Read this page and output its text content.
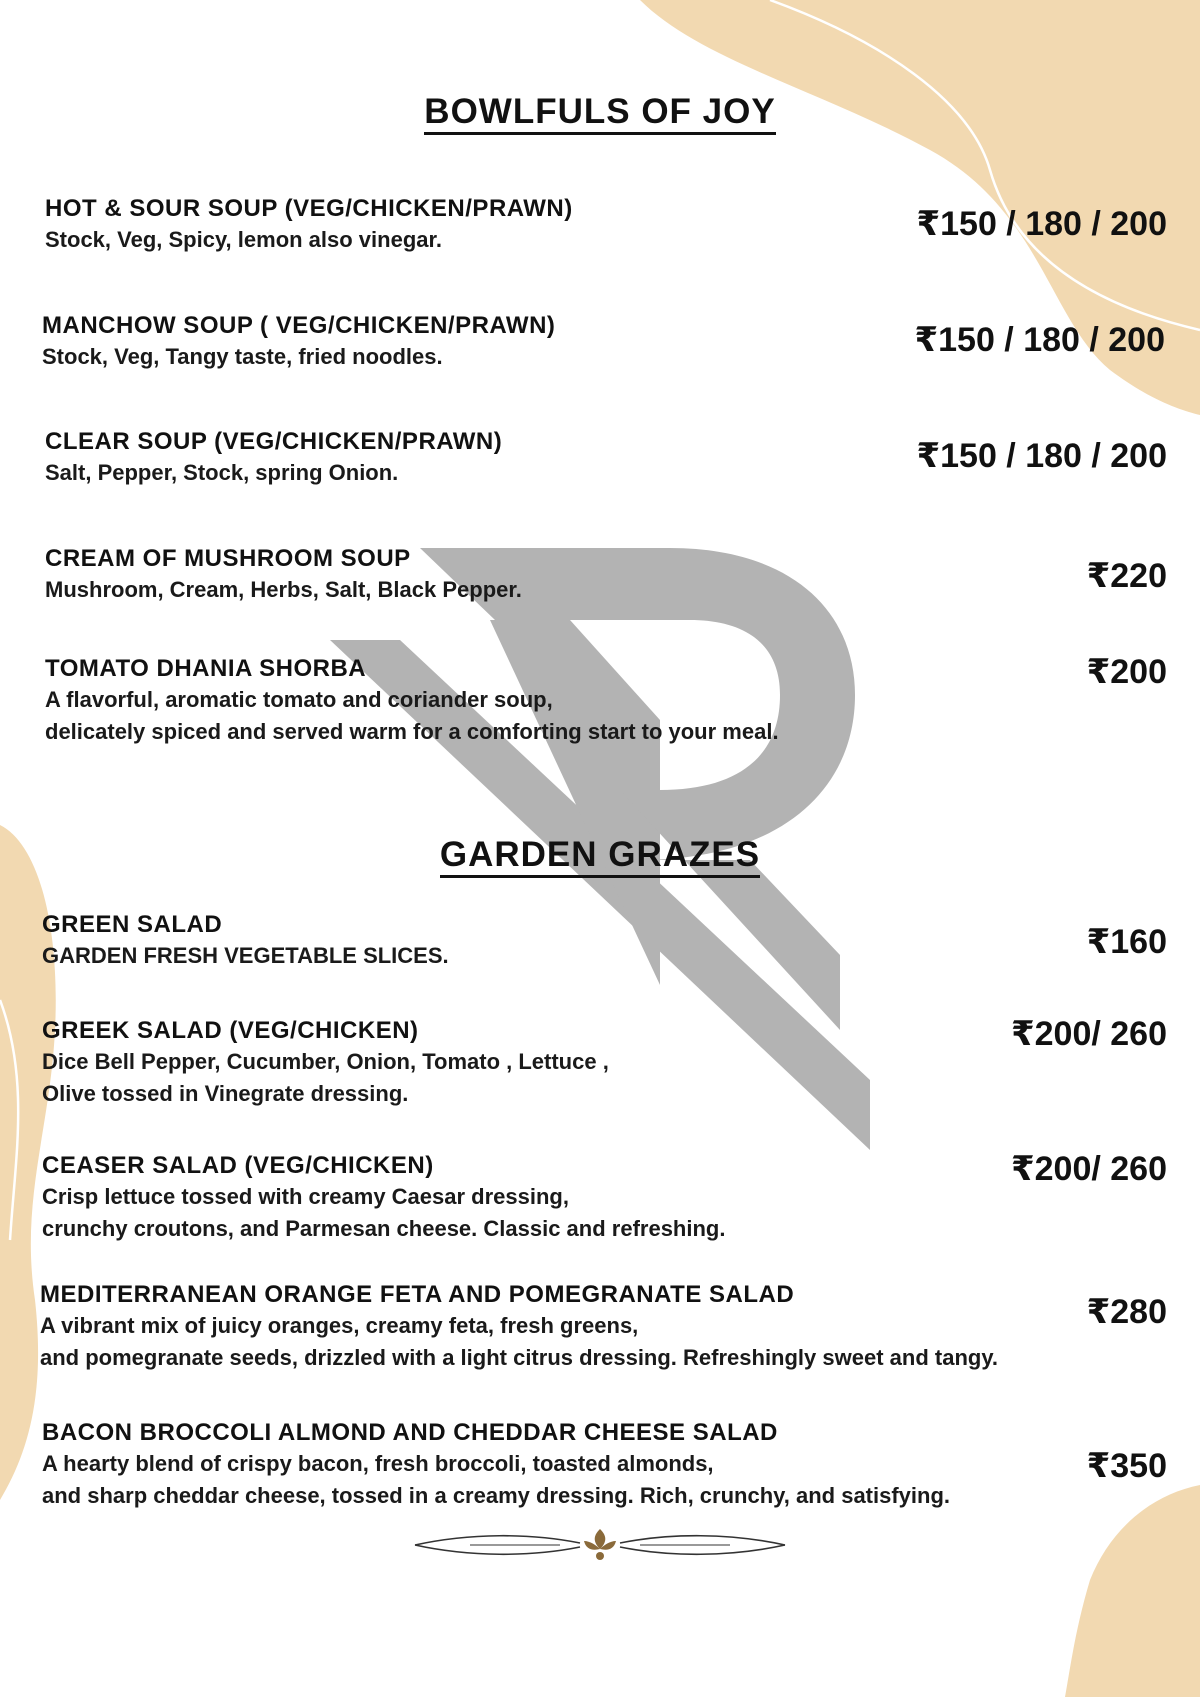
BOWLFULS OF JOY
HOT & SOUR SOUP (VEG/CHICKEN/PRAWN)
Stock, Veg, Spicy, lemon also vinegar.	₹150 / 180 / 200
MANCHOW SOUP ( VEG/CHICKEN/PRAWN)
Stock, Veg, Tangy taste, fried noodles.	₹150 / 180 / 200
CLEAR SOUP (VEG/CHICKEN/PRAWN)
Salt, Pepper, Stock, spring Onion.	₹150 / 180 / 200
CREAM OF MUSHROOM SOUP
Mushroom, Cream, Herbs, Salt, Black Pepper.	₹220
TOMATO DHANIA SHORBA
A flavorful, aromatic tomato and coriander soup,
delicately spiced and served warm for a comforting start to your meal.
₹200
GARDEN GRAZES
GREEN SALAD
GARDEN FRESH VEGETABLE SLICES.	₹160
GREEK SALAD (VEG/CHICKEN)
Dice Bell Pepper, Cucumber, Onion, Tomato , Lettuce ,
Olive tossed in Vinegrate dressing.
₹200/ 260
CEASER SALAD (VEG/CHICKEN)
Crisp lettuce tossed with creamy Caesar dressing,
crunchy croutons, and Parmesan cheese. Classic and refreshing.
₹200/ 260
MEDITERRANEAN ORANGE FETA AND POMEGRANATE SALAD
A vibrant mix of juicy oranges, creamy feta, fresh greens,
and pomegranate seeds, drizzled with a light citrus dressing. Refreshingly sweet and tangy.
₹280
BACON BROCCOLI ALMOND AND CHEDDAR CHEESE SALAD
A hearty blend of crispy bacon, fresh broccoli, toasted almonds,
and sharp cheddar cheese, tossed in a creamy dressing. Rich, crunchy, and satisfying.
₹350
